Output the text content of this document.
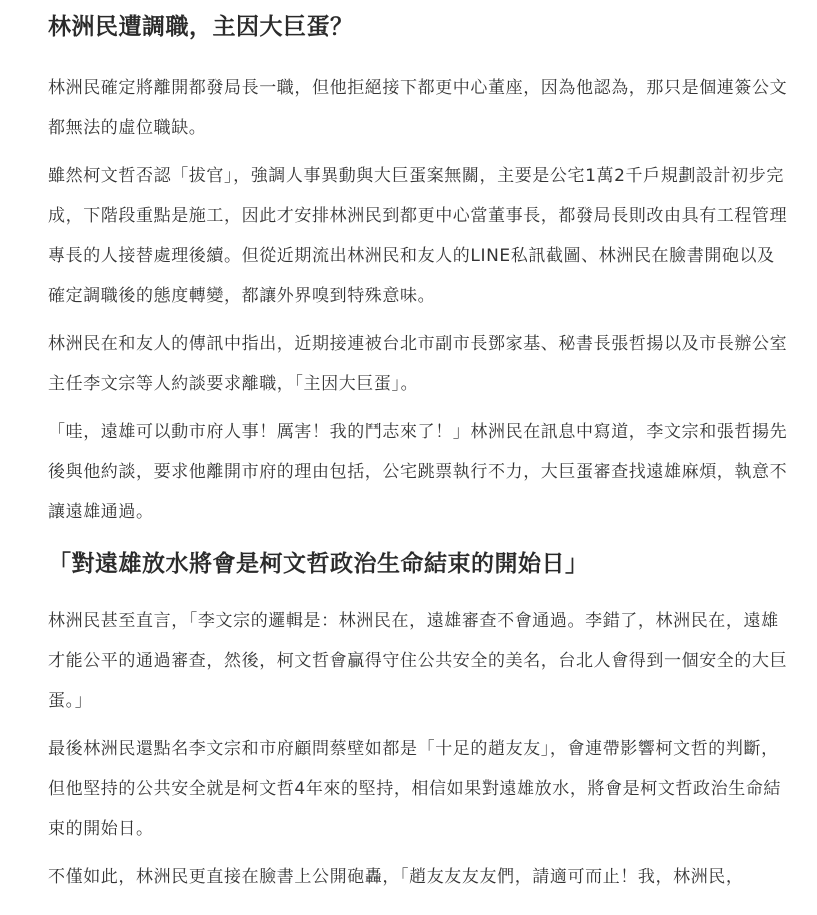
林洲民遭調職，主因大巨蛋？

林洲民確定將離開都發局長一職，但他拒絕接下都更中心董座，因為他認為，那只是個連簽公文都無法的虛位職缺。

雖然柯文哲否認「拔官」，強調人事異動與大巨蛋案無關，主要是公宅1萬2千戶規劃設計初步完成，下階段重點是施工，因此才安排林洲民到都更中心當董事長，都發局長則改由具有工程管理專長的人接替處理後續。但從近期流出林洲民和友人的LINE私訊截圖、林洲民在臉書開砲以及確定調職後的態度轉變，都讓外界嗅到特殊意味。

林洲民在和友人的傳訊中指出，近期接連被台北市副市長鄧家基、秘書長張哲揚以及市長辦公室主任李文宗等人約談要求離職，「主因大巨蛋」。

「哇，遠雄可以動市府人事！厲害！我的鬥志來了！」林洲民在訊息中寫道，李文宗和張哲揚先後與他約談，要求他離開市府的理由包括，公宅跳票執行不力，大巨蛋審查找遠雄麻煩，執意不讓遠雄通過。

「對遠雄放水將會是柯文哲政治生命結束的開始日」

林洲民甚至直言，「李文宗的邏輯是：林洲民在，遠雄審查不會通過。李錯了，林洲民在，遠雄才能公平的通過審查，然後，柯文哲會贏得守住公共安全的美名，台北人會得到一個安全的大巨蛋。」

最後林洲民還點名李文宗和市府顧問蔡壁如都是「十足的趙友友」，會連帶影響柯文哲的判斷，但他堅持的公共安全就是柯文哲4年來的堅持，相信如果對遠雄放水，將會是柯文哲政治生命結束的開始日。

不僅如此，林洲民更直接在臉書上公開砲轟，「趙友友友友們，請適可而止！我，林洲民，
